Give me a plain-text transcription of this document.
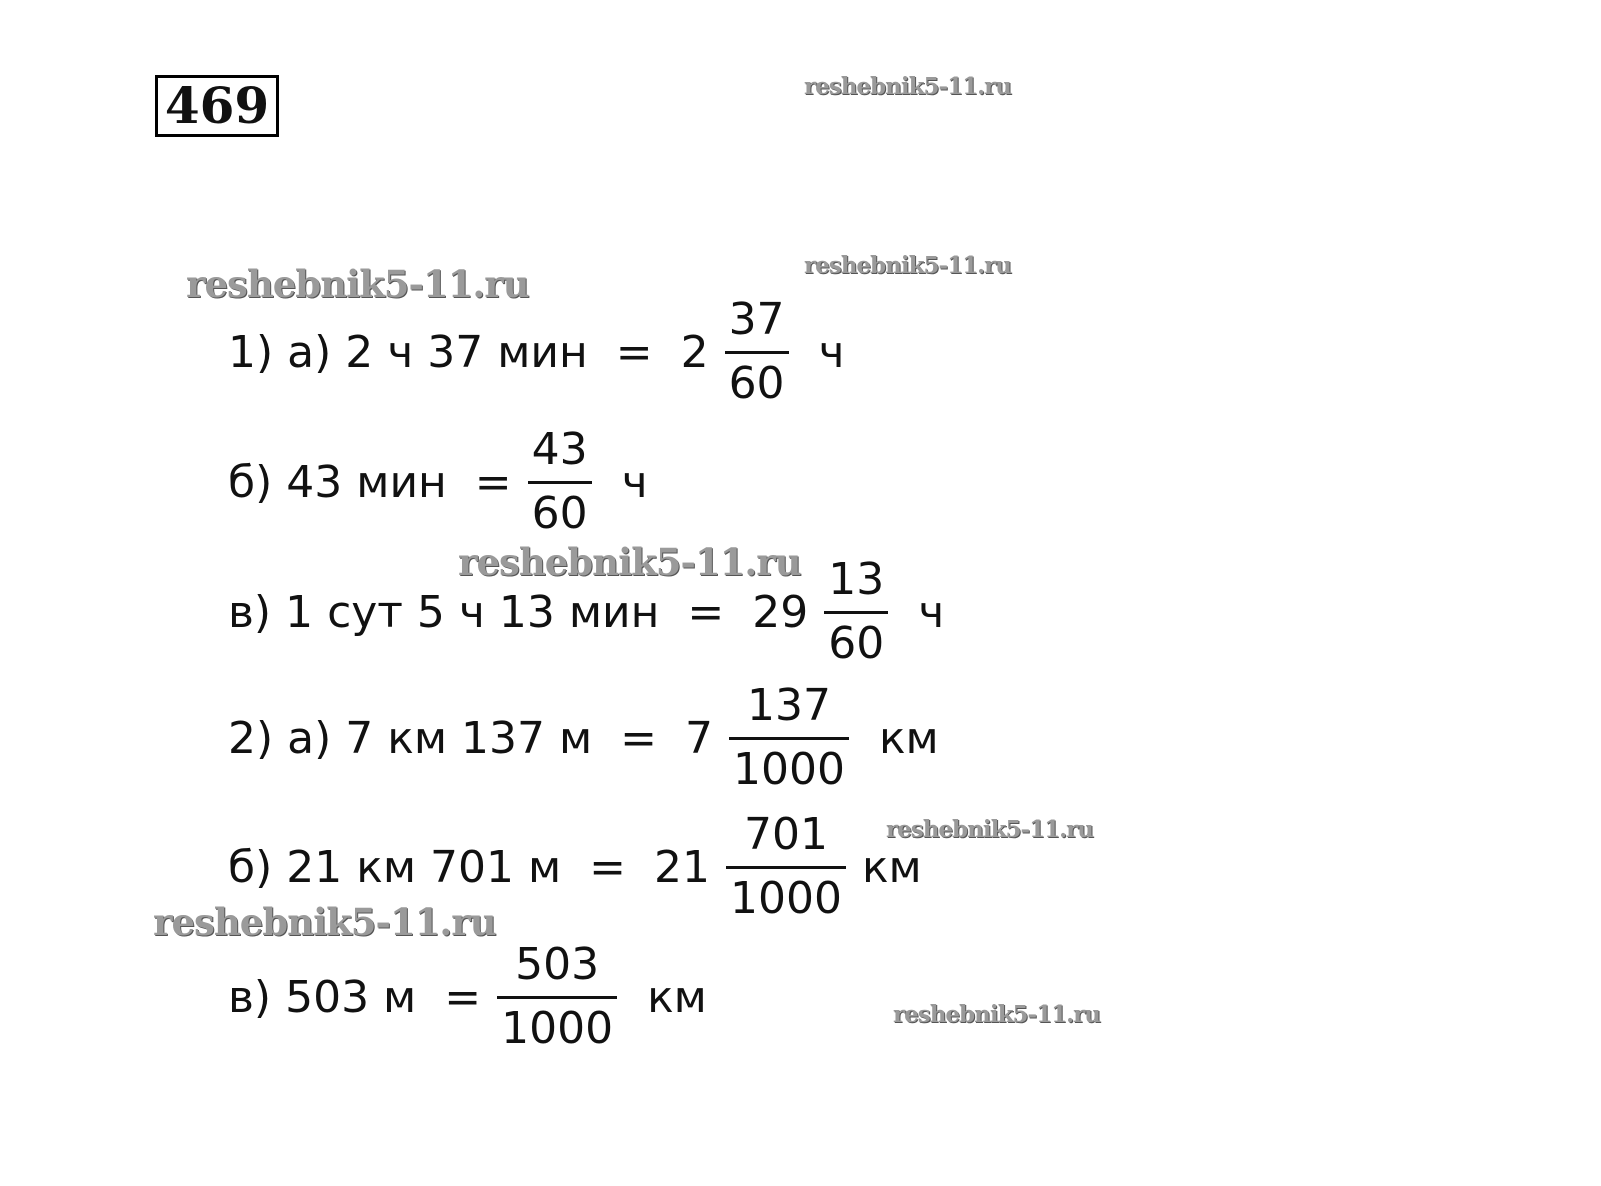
469	reshebnik5-11.ru
reshebnik5-11.ru	reshebnik5-11.ru
reshebnik5-11.ru
reshebnik5-11.ru
reshebnik5-11.ru
reshebnik5-11.ru
1) а) 2 ч 37 мин  =  $2 \frac{37}{60}$ ч
б) 43 мин  = $\frac{43}{60}$ ч
в) 1 сут 5 ч 13 мин  =  $29 \frac{13}{60}$ ч
2) а) 7 км 137 $м = 7 \frac{137}{1000}$ км
б) 21 км 701 $м = 21 \frac{701}{1000}$ км
в) 503 $м = \frac{503}{1000}$ км
